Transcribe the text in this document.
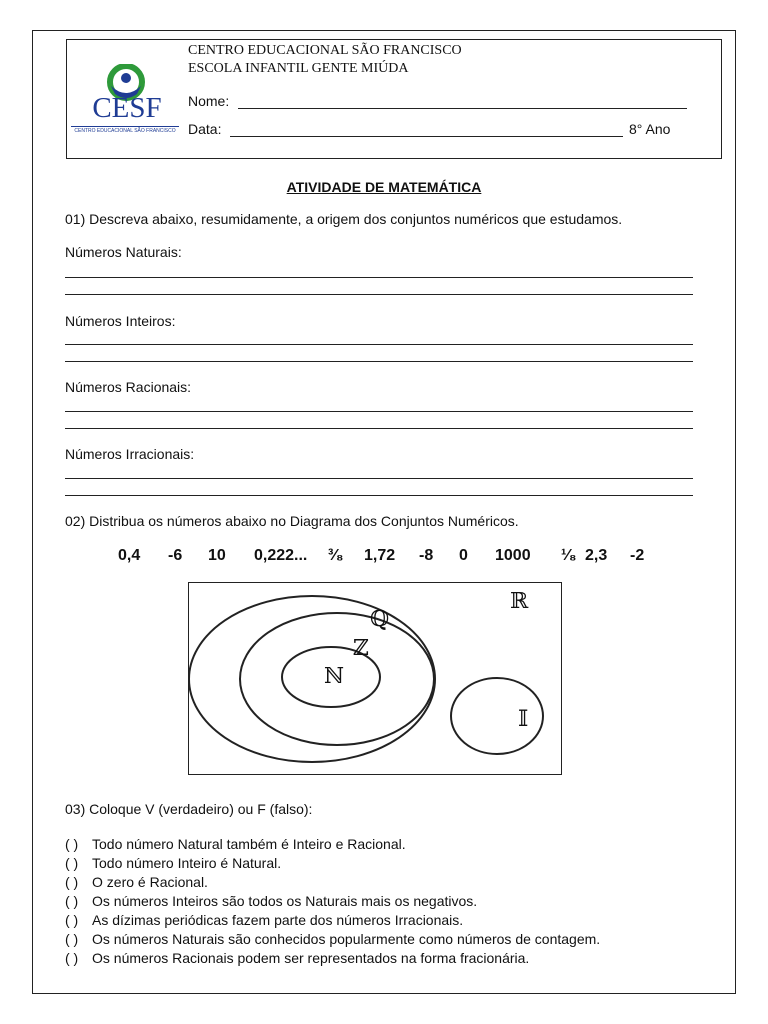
CESF
CENTRO EDUCACIONAL SÃO FRANCISCO
CENTRO EDUCACIONAL SÃO FRANCISCO
ESCOLA INFANTIL GENTE MIÚDA
Nome:
Data:	8° Ano
ATIVIDADE DE MATEMÁTICA
01) Descreva abaixo, resumidamente, a origem dos conjuntos numéricos que estudamos.
Números Naturais:
Números Inteiros:
Números Racionais:
Números Irracionais:
02) Distribua os números abaixo no Diagrama dos Conjuntos Numéricos.
0,4 -6 10 0,222... ³⁄₈ 1,72 -8 0 1000 ¹⁄₈ 2,3 -2
ℝ
ℚ
ℤ
ℕ
𝕀
03) Coloque V (verdadeiro) ou F (falso):
( ) Todo número Natural também é Inteiro e Racional.
( ) Todo número Inteiro é Natural.
( ) O zero é Racional.
( ) Os números Inteiros são todos os Naturais mais os negativos.
( ) As dízimas periódicas fazem parte dos números Irracionais.
( ) Os números Naturais são conhecidos popularmente como números de contagem.
( ) Os números Racionais podem ser representados na forma fracionária.
